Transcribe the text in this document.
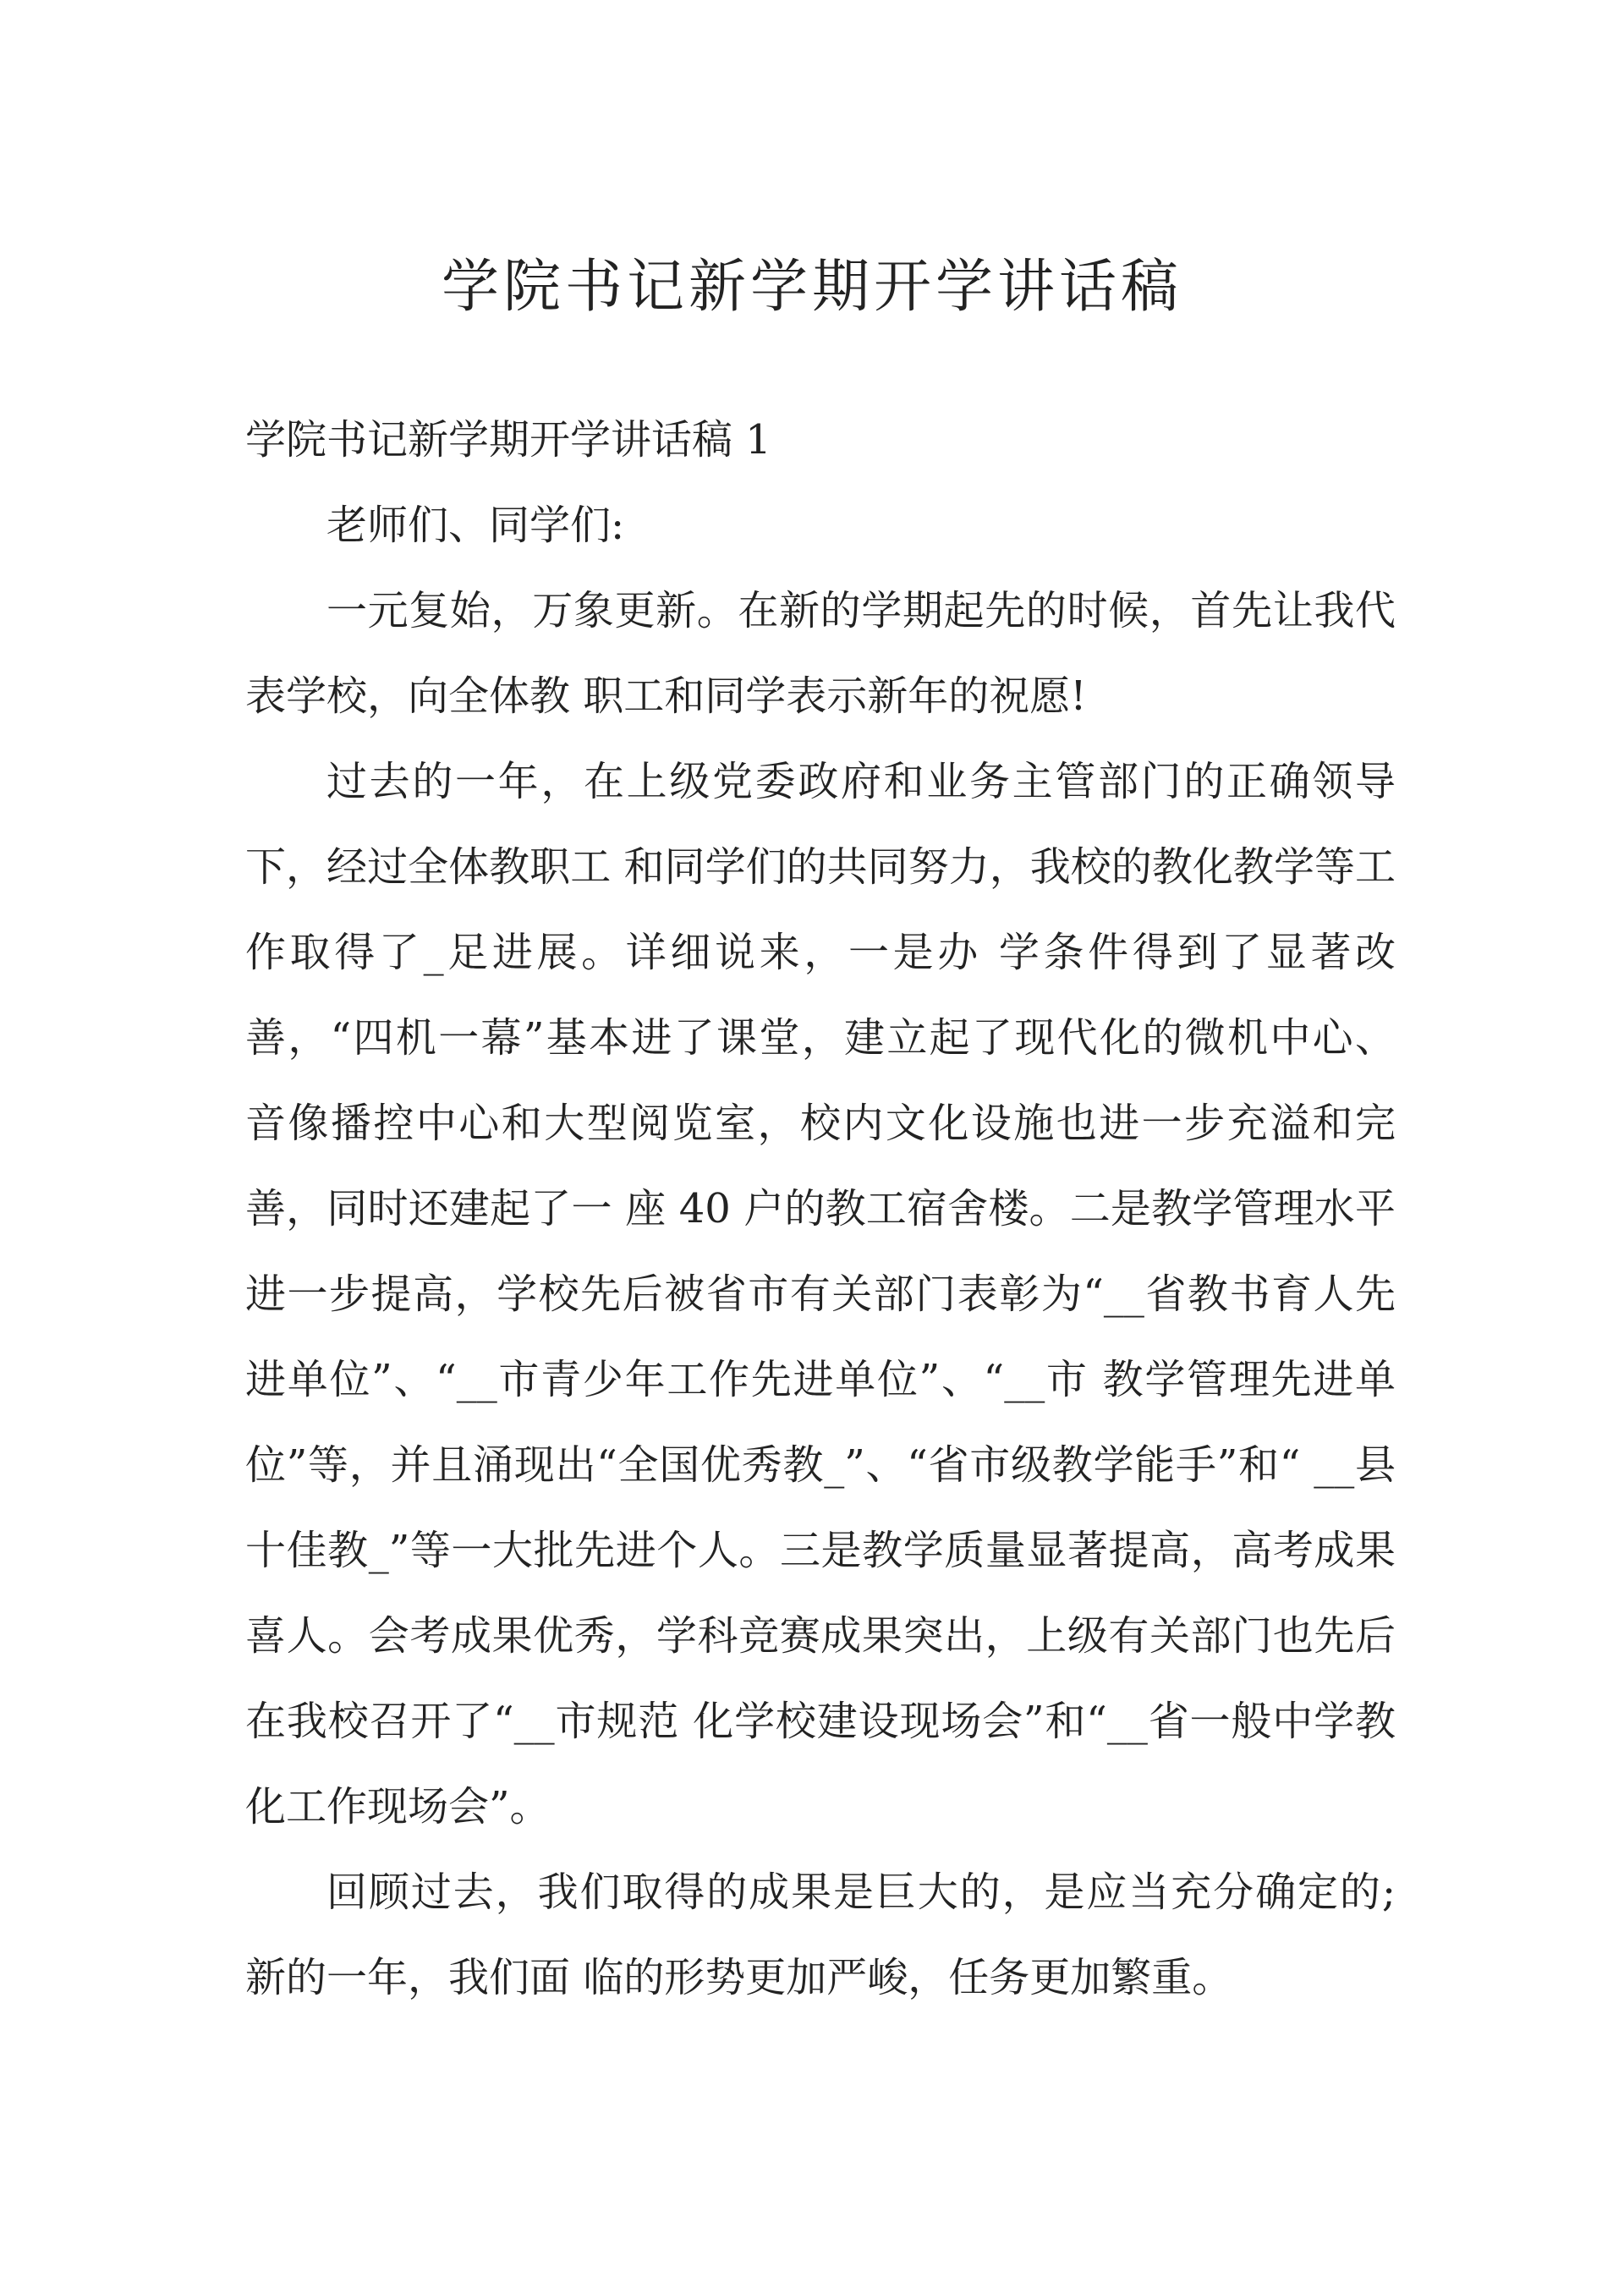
学院书记新学期开学讲话稿

学院书记新学期开学讲话稿 1

老师们、同学们:

一元复始，万象更新。在新的学期起先的时候，首先让我代表学校，向全体教 职工和同学表示新年的祝愿!

过去的一年，在上级党委政府和业务主管部门的正确领导下，经过全体教职工 和同学们的共同努力，我校的教化教学等工作取得了_足进展。详细说来，一是办 学条件得到了显著改善，“四机一幕”基本进了课堂，建立起了现代化的微机中心、 音像播控中心和大型阅览室，校内文化设施也进一步充溢和完善，同时还建起了一 座 40 户的教工宿舍楼。二是教学管理水平进一步提高，学校先后被省市有关部门表彰为“__省教书育人先进单位”、“__市青少年工作先进单位”、“__市 教学管理先进单位”等，并且涌现出“全国优秀教_”、“省市级教学能手”和“ __县十佳教_”等一大批先进个人。三是教学质量显著提高，高考成果喜人。会考成果优秀，学科竞赛成果突出，上级有关部门也先后在我校召开了“__市规范 化学校建设现场会”和“__省一般中学教化工作现场会”。

回顾过去，我们取得的成果是巨大的，是应当充分确定的;新的一年，我们面 临的形势更加严峻，任务更加繁重。
